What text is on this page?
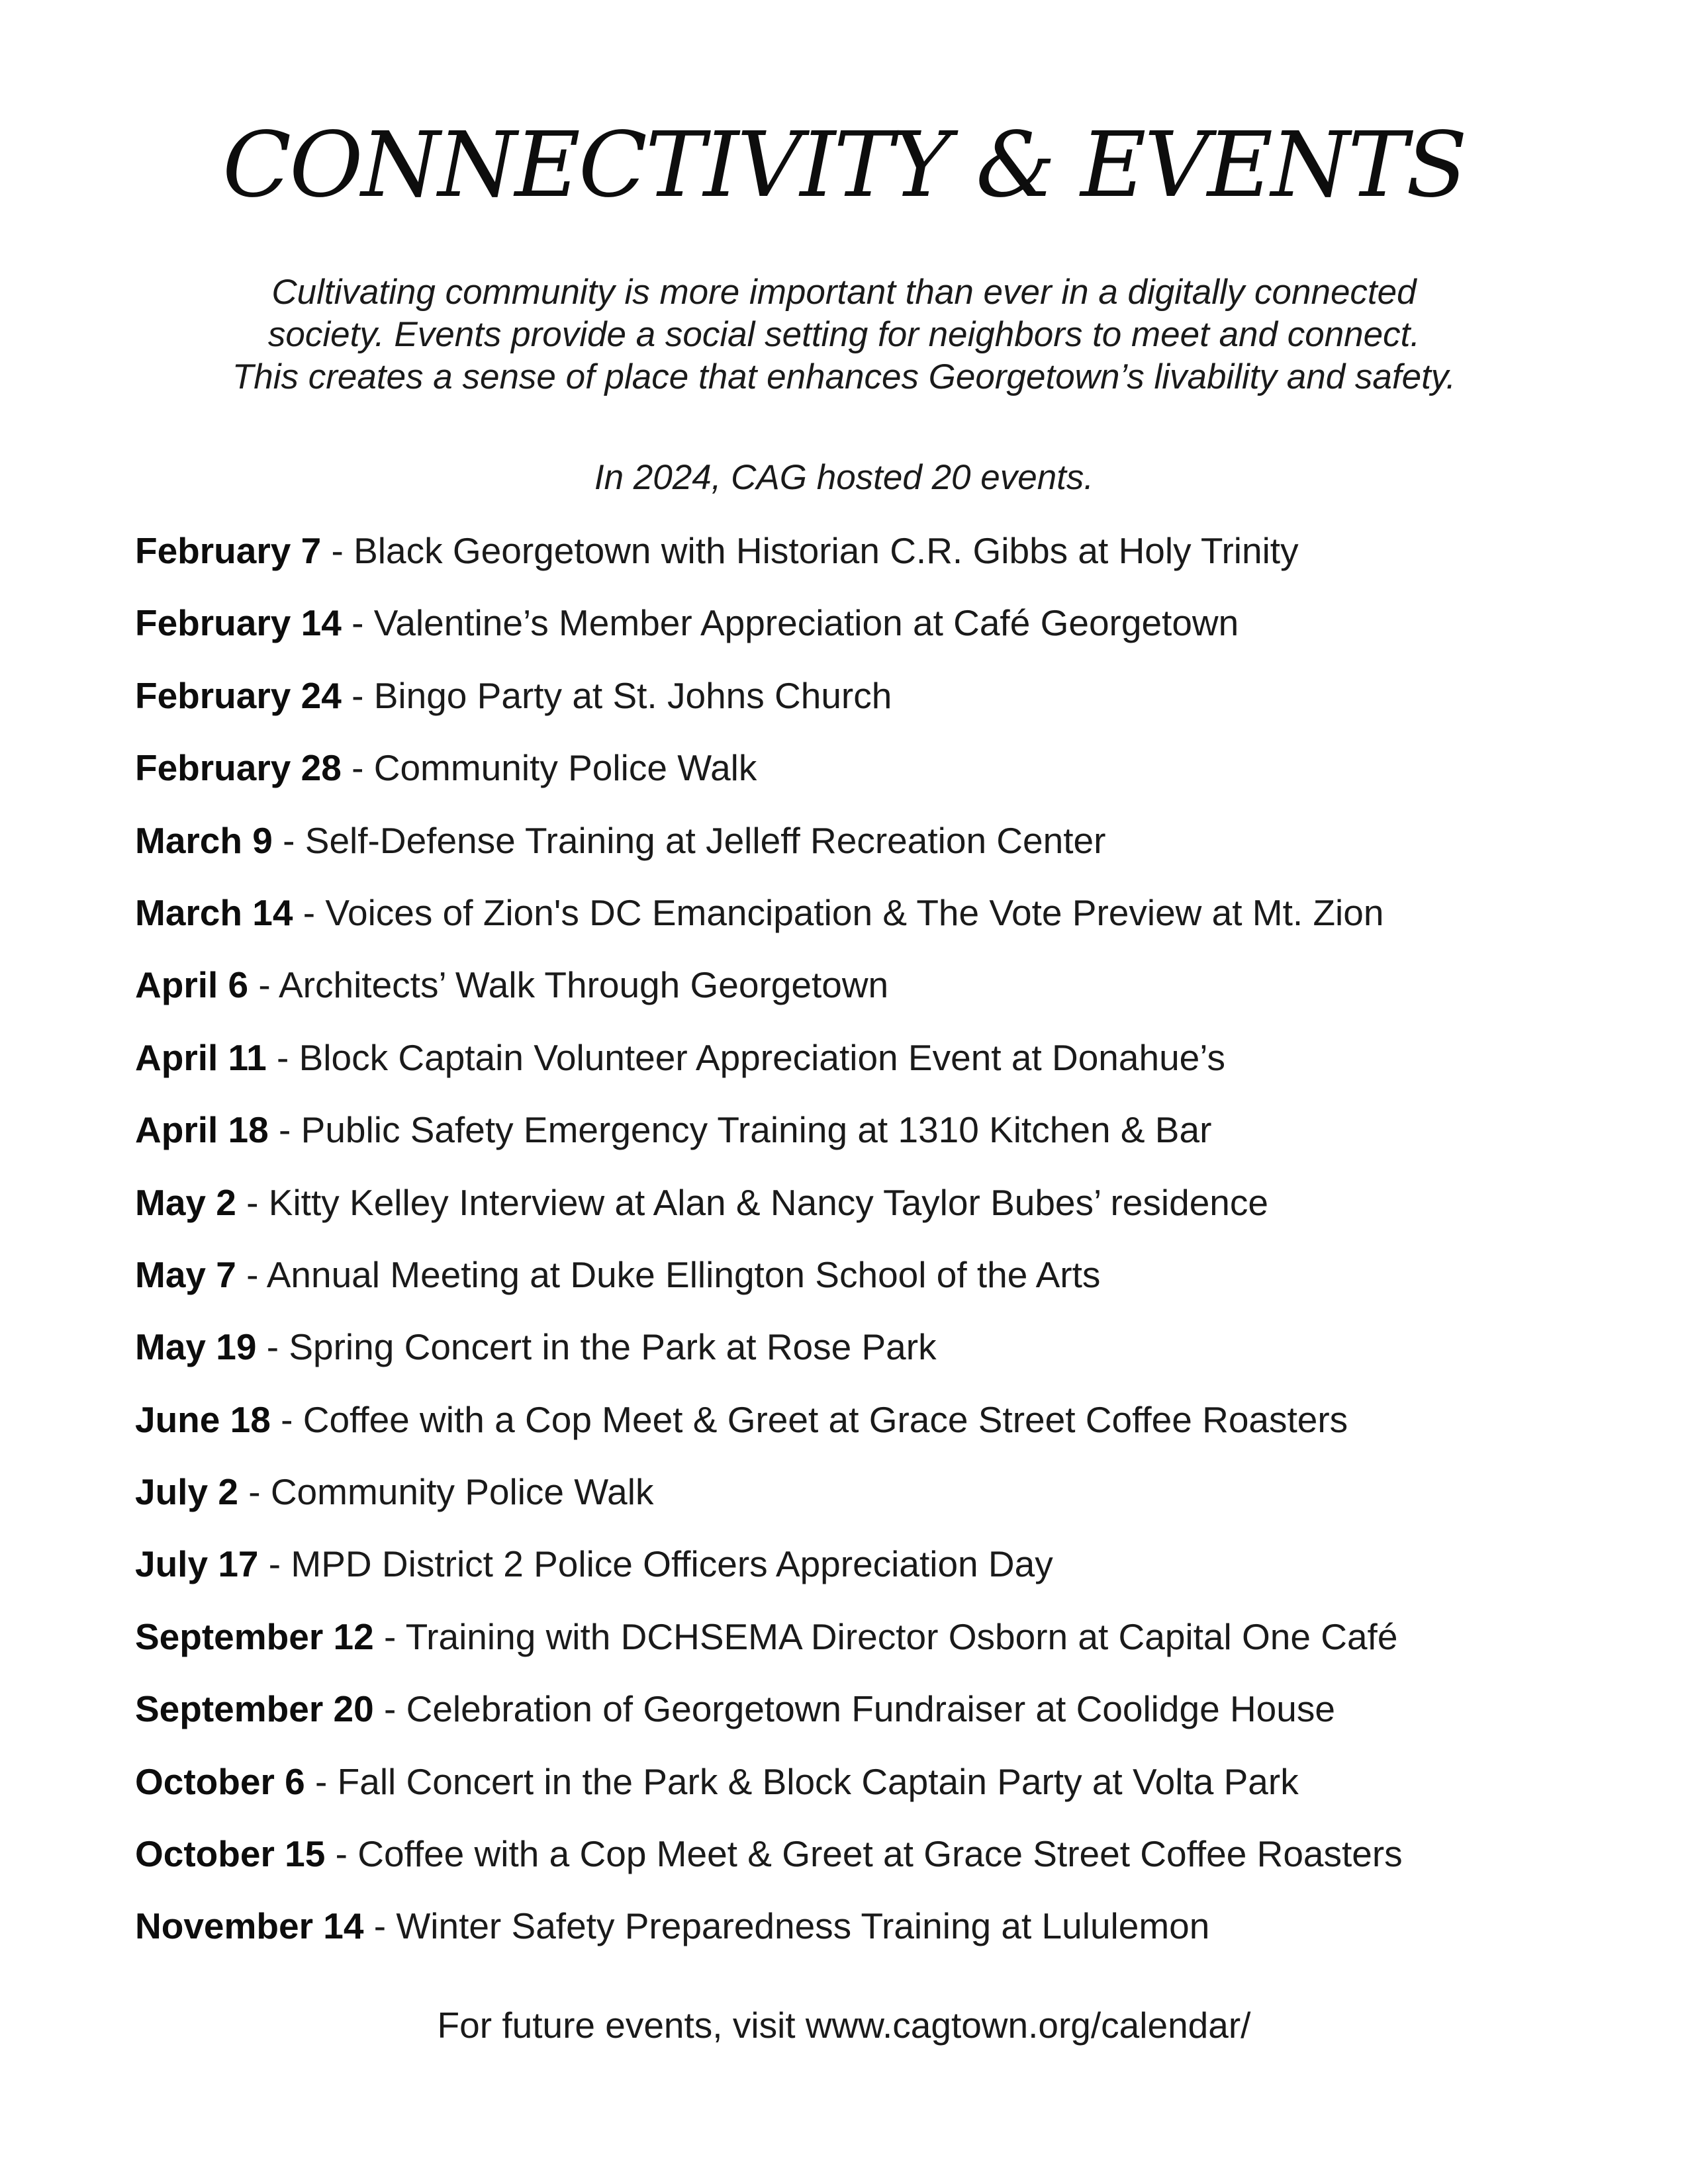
CONNECTIVITY & EVENTS
Cultivating community is more important than ever in a digitally connected
society. Events provide a social setting for neighbors to meet and connect.
This creates a sense of place that enhances Georgetown’s livability and safety.
In 2024, CAG hosted 20 events.
February 7 - Black Georgetown with Historian C.R. Gibbs at Holy Trinity
February 14 - Valentine’s Member Appreciation at Café Georgetown
February 24 - Bingo Party at St. Johns Church
February 28 - Community Police Walk
March 9 - Self-Defense Training at Jelleff Recreation Center
March 14 - Voices of Zion's DC Emancipation & The Vote Preview at Mt. Zion
April 6 - Architects’ Walk Through Georgetown
April 11 - Block Captain Volunteer Appreciation Event at Donahue’s
April 18 - Public Safety Emergency Training at 1310 Kitchen & Bar
May 2 - Kitty Kelley Interview at Alan & Nancy Taylor Bubes’ residence
May 7 - Annual Meeting at Duke Ellington School of the Arts
May 19 - Spring Concert in the Park at Rose Park
June 18 - Coffee with a Cop Meet & Greet at Grace Street Coffee Roasters
July 2 - Community Police Walk
July 17 - MPD District 2 Police Officers Appreciation Day
September 12 - Training with DCHSEMA Director Osborn at Capital One Café
September 20 - Celebration of Georgetown Fundraiser at Coolidge House
October 6 - Fall Concert in the Park & Block Captain Party at Volta Park
October 15 - Coffee with a Cop Meet & Greet at Grace Street Coffee Roasters
November 14 - Winter Safety Preparedness Training at Lululemon
For future events, visit www.cagtown.org/calendar/
